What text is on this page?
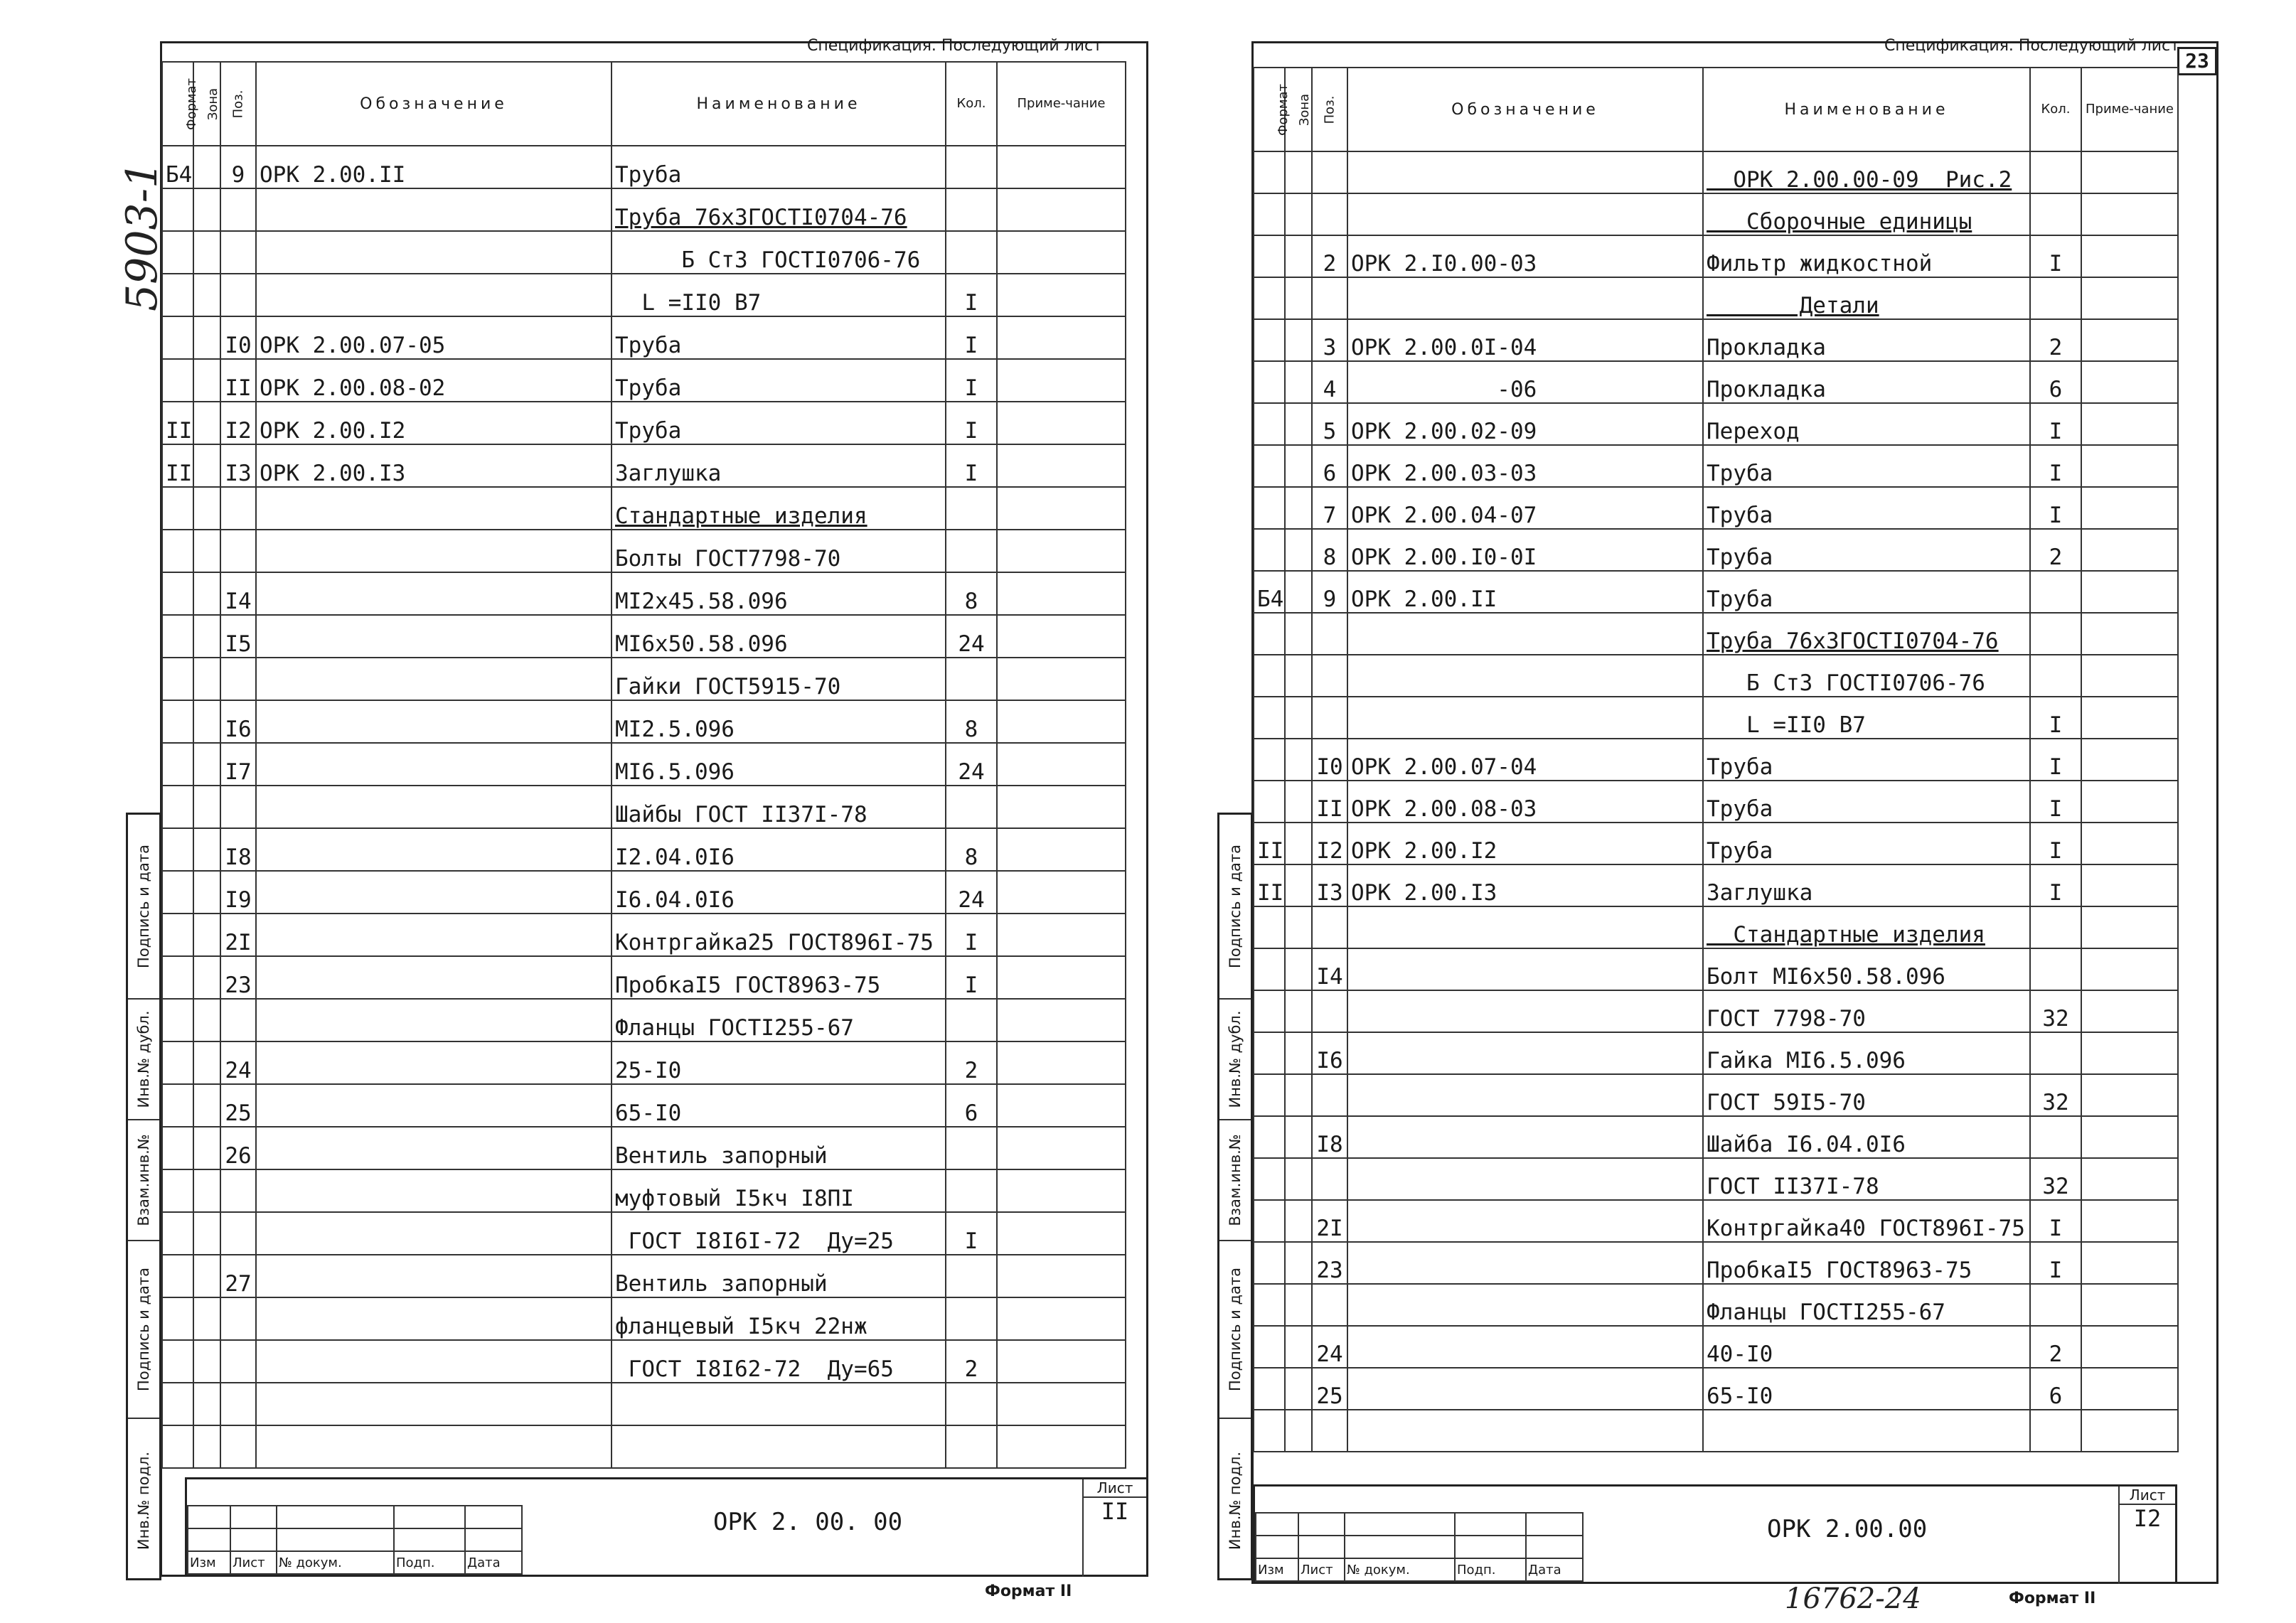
5903-1
Спецификация. Последующий лист
Подпись и дата
Инв.№ дубл.
Взам.инв.№
Подпись и дата
Инв.№ подл.
Формат	Зона	Поз.	Обозначение	Наименование	Кол.	Приме-чание
Б4		9	ОРК 2.00.II	Труба		
				Труба 76х3ГОСТI0704-76		
				Б Ст3 ГОСТI0706-76		
				L =II0 В7	I	
		I0	ОРК 2.00.07-05	Труба	I	
		II	ОРК 2.00.08-02	Труба	I	
II		I2	ОРК 2.00.I2	Труба	I	
II		I3	ОРК 2.00.I3	Заглушка	I	
				Стандартные изделия		
				Болты ГОСТ7798-70		
		I4		МI2х45.58.096	8	
		I5		МI6х50.58.096	24	
				Гайки ГОСТ5915-70		
		I6		МI2.5.096	8	
		I7		МI6.5.096	24	
				Шайбы ГОСТ II37I-78		
		I8		I2.04.0I6	8	
		I9		I6.04.0I6	24	
		2I		Контргайка25 ГОСТ896I-75	I	
		23		ПробкаI5 ГОСТ8963-75	I	
				Фланцы ГОСТI255-67		
		24		25-I0	2	
		25		65-I0	6	
		26		Вентиль запорный		
				муфтовый I5кч I8ПI		
				ГОСТ I8I6I-72  Ду=25	I	
		27		Вентиль запорный		
				фланцевый I5кч 22нж		
				ГОСТ I8I62-72  Ду=65	2	

Изм	Лист	№ докум.	Подп.	Дата
ОРК 2. 00. 00
Лист
II
Формат II
Спецификация. Последующий лист
23
Подпись и дата
Инв.№ дубл.
Взам.инв.№
Подпись и дата
Инв.№ подл.
Формат	Зона	Поз.	Обозначение	Наименование	Кол.	Приме-чание
				ОРК 2.00.00-09  Рис.2		
				Сборочные единицы		
		2	ОРК 2.I0.00-03	Фильтр жидкостной	I	
				Детали		
		3	ОРК 2.00.0I-04	Прокладка	2	
		4	-06	Прокладка	6	
		5	ОРК 2.00.02-09	Переход	I	
		6	ОРК 2.00.03-03	Труба	I	
		7	ОРК 2.00.04-07	Труба	I	
		8	ОРК 2.00.I0-0I	Труба	2	
Б4		9	ОРК 2.00.II	Труба		
				Труба 76х3ГОСТI0704-76		
				Б Ст3 ГОСТI0706-76		
				L =II0 В7	I	
		I0	ОРК 2.00.07-04	Труба	I	
		II	ОРК 2.00.08-03	Труба	I	
II		I2	ОРК 2.00.I2	Труба	I	
II		I3	ОРК 2.00.I3	Заглушка	I	
				Стандартные изделия		
		I4		Болт МI6х50.58.096		
				ГОСТ 7798-70	32	
		I6		Гайка МI6.5.096		
				ГОСТ 59I5-70	32	
		I8		Шайба I6.04.0I6		
				ГОСТ II37I-78	32	
		2I		Контргайка40 ГОСТ896I-75	I	
		23		ПробкаI5 ГОСТ8963-75	I	
				Фланцы ГОСТI255-67		
		24		40-I0	2	
		25		65-I0	6	

Изм	Лист	№ докум.	Подп.	Дата
ОРК 2.00.00
Лист
I2
16762-24	Формат II
